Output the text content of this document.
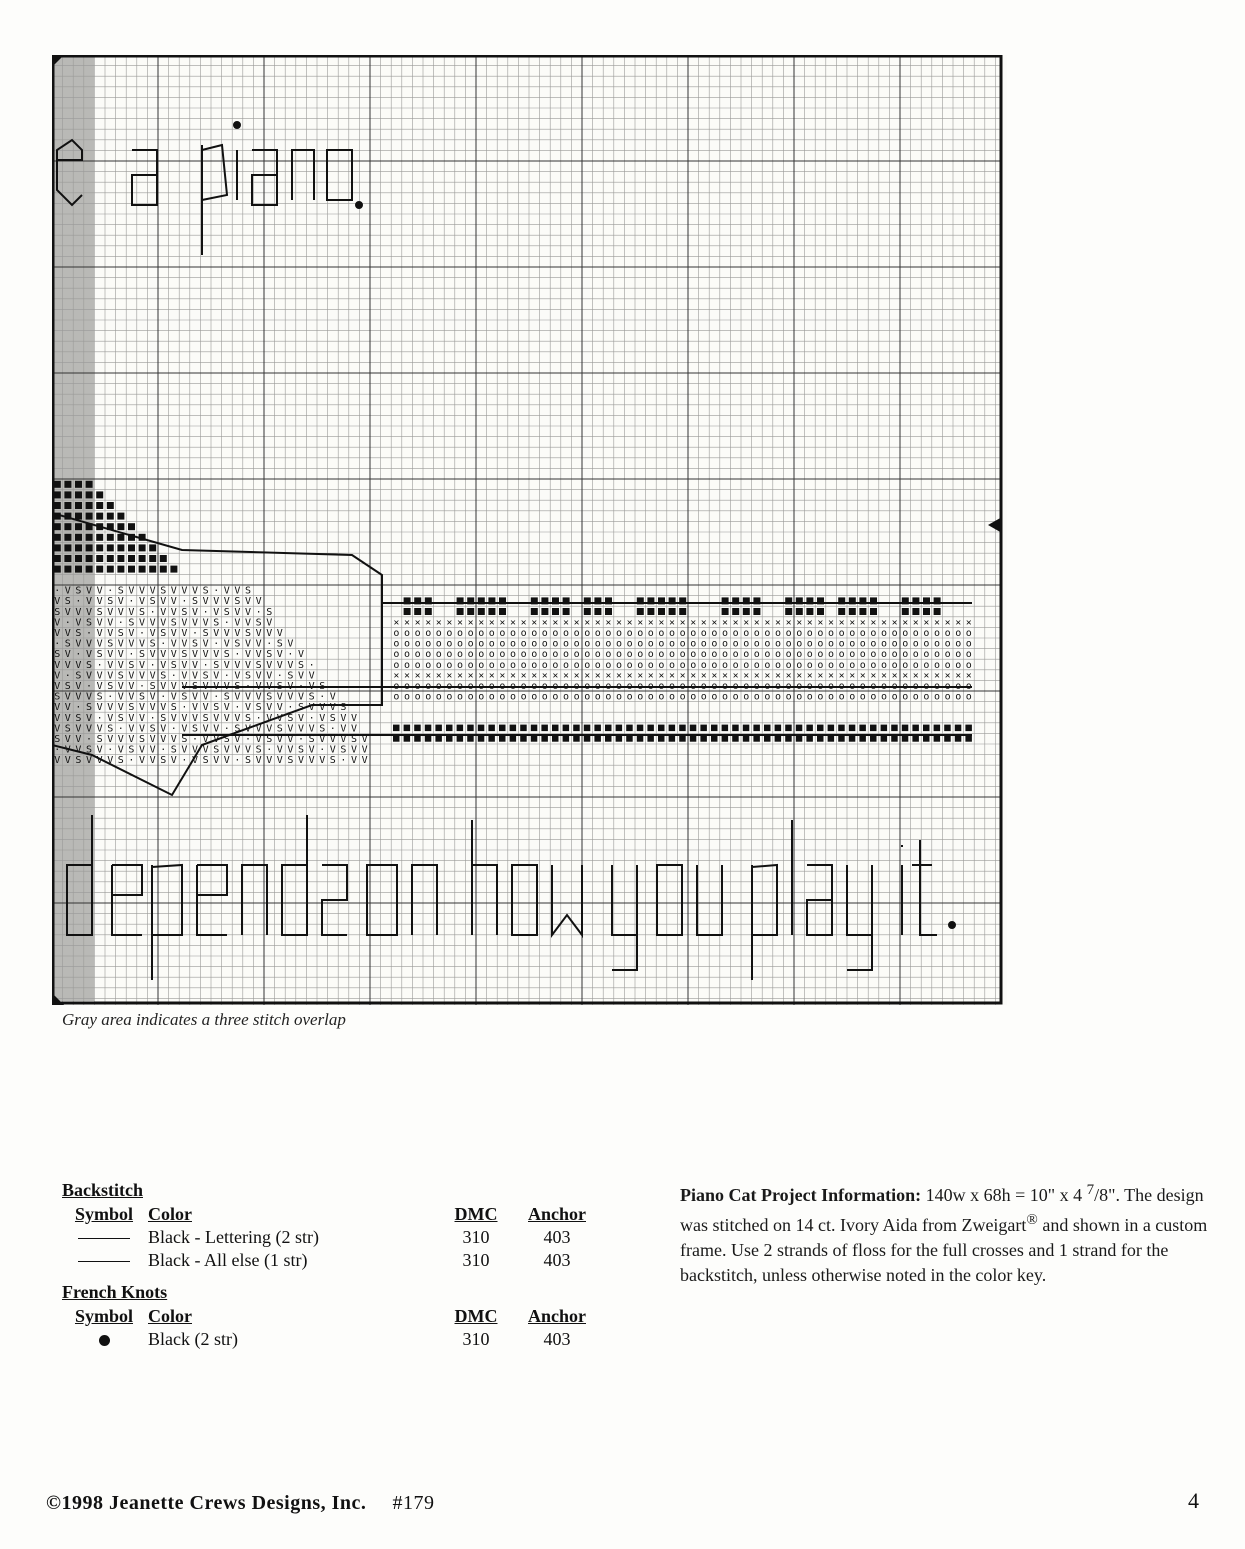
×
×
o
o
o
o
o
o
×
×
o
o
o
o
o
o
×
×
o
o
o
o
o
o
×
×
o
o
o
o
o
o
×
×
o
o
o
o
o
o
×
×
o
o
o
o
o
o
×
×
o
o
o
o
o
o
×
×
o
o
o
o
o
o
×
×
o
o
o
o
o
o
×
×
o
o
o
o
o
o
×
×
o
o
o
o
o
o
×
×
o
o
o
o
o
o
×
×
o
o
o
o
o
o
×
×
o
o
o
o
o
o
×
×
o
o
o
o
o
o
×
×
o
o
o
o
o
o
×
×
o
o
o
o
o
o
×
×
o
o
o
o
o
o
×
×
o
o
o
o
o
o
×
×
o
o
o
o
o
o
×
×
o
o
o
o
o
o
×
×
o
o
o
o
o
o
×
×
o
o
o
o
o
o
×
×
o
o
o
o
o
o
×
×
o
o
o
o
o
o
×
×
o
o
o
o
o
o
×
×
o
o
o
o
o
o
×
×
o
o
o
o
o
o
×
×
o
o
o
o
o
o
×
×
o
o
o
o
o
o
×
×
o
o
o
o
o
o
×
×
o
o
o
o
o
o
×
×
o
o
o
o
o
o
×
×
o
o
o
o
o
o
×
×
o
o
o
o
o
o
×
×
o
o
o
o
o
o
×
×
o
o
o
o
o
o
×
×
o
o
o
o
o
o
×
×
o
o
o
o
o
o
×
×
o
o
o
o
o
o
×
×
o
o
o
o
o
o
×
×
o
o
o
o
o
o
×
×
o
o
o
o
o
o
×
×
o
o
o
o
o
o
×
×
o
o
o
o
o
o
×
×
o
o
o
o
o
o
×
×
o
o
o
o
o
o
×
×
o
o
o
o
o
o
×
×
o
o
o
o
o
o
×
×
o
o
o
o
o
o
×
×
o
o
o
o
o
o
×
×
o
o
o
o
o
o
×
×
o
o
o
o
o
o
×
×
o
o
o
o
o
o
×
×
o
o
o
o
o
o
· V S V V · S V V V S V V V S · V V S
V S · V V S V · V S V V · S V V V S V V
S V V V S V V V S · V V S V · V S V V · S
V · V S V V · S V V V S V V V S · V V S V
V V S · V V S V · V S V V · S V V V S V V V
· S V V V S V V V S · V V S V · V S V V · S V
S V · V S V V · S V V V S V V V S · V V S V · V
V V V S · V V S V · V S V V · S V V V S V V V S ·
V · S V V V S V V V S · V V S V · V S V V · S V V
V S V · V S V V · S V V V S V V V S · V V S V · V S
S V V V S · V V S V · V S V V · S V V V S V V V S · V
V V · S V V V S V V V S · V V S V · V S V V · S V V V S
V V S V · V S V V · S V V V S V V V S · V V S V · V S V V
V S V V V S · V V S V · V S V V · S V V V S V V V S · V V
S V V · S V V V S V V V S · V V S V · V S V V · S V V V S V
· V V S V · V S V V · S V V V S V V V S · V V S V · V S V V
V V S V V V S · V V S V · V S V V · S V V V S V V V S · V V
Gray area indicates a three stitch overlap
Backstitch
Symbol	Color	DMC	Anchor
	Black - Lettering (2 str)	310	403
	Black - All else (1 str)	310	403
French Knots
Symbol	Color	DMC	Anchor
	Black (2 str)	310	403
Piano Cat Project Information: 140w x 68h = 10" x 4 $^7$/8". The design was stitched on 14 ct. Ivory Aida from Zweigart® and shown in a custom frame. Use 2 strands of floss for the full crosses and 1 strand for the backstitch, unless otherwise noted in the color key.
©1998 Jeanette Crews Designs, Inc. #179	4
